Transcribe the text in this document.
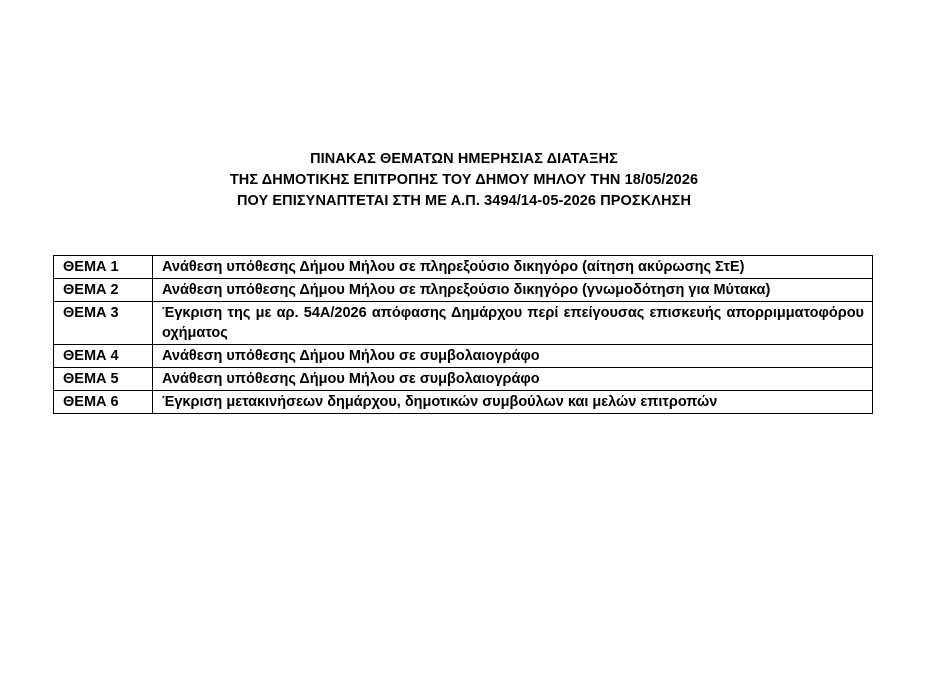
ΠΙΝΑΚΑΣ ΘΕΜΑΤΩΝ ΗΜΕΡΗΣΙΑΣ ΔΙΑΤΑΞΗΣ
ΤΗΣ ΔΗΜΟΤΙΚΗΣ ΕΠΙΤΡΟΠΗΣ ΤΟΥ ΔΗΜΟΥ ΜΗΛΟΥ ΤΗΝ 18/05/2026
ΠΟΥ ΕΠΙΣΥΝΑΠΤΕΤΑΙ ΣΤΗ ΜΕ Α.Π. 3494/14-05-2026 ΠΡΟΣΚΛΗΣΗ
ΘΕΜΑ 1	Ανάθεση υπόθεσης Δήμου Μήλου σε πληρεξούσιο δικηγόρο (αίτηση ακύρωσης ΣτΕ)
ΘΕΜΑ 2	Ανάθεση υπόθεσης Δήμου Μήλου σε πληρεξούσιο δικηγόρο (γνωμοδότηση για Μύτακα)
ΘΕΜΑ 3	Έγκριση της με αρ. 54Α/2026 απόφασης Δημάρχου περί επείγουσας επισκευής απορριμματοφόρου οχήματος
ΘΕΜΑ 4	Ανάθεση υπόθεσης Δήμου Μήλου σε συμβολαιογράφο
ΘΕΜΑ 5	Ανάθεση υπόθεσης Δήμου Μήλου σε συμβολαιογράφο
ΘΕΜΑ 6	Έγκριση μετακινήσεων δημάρχου, δημοτικών συμβούλων και μελών επιτροπών
